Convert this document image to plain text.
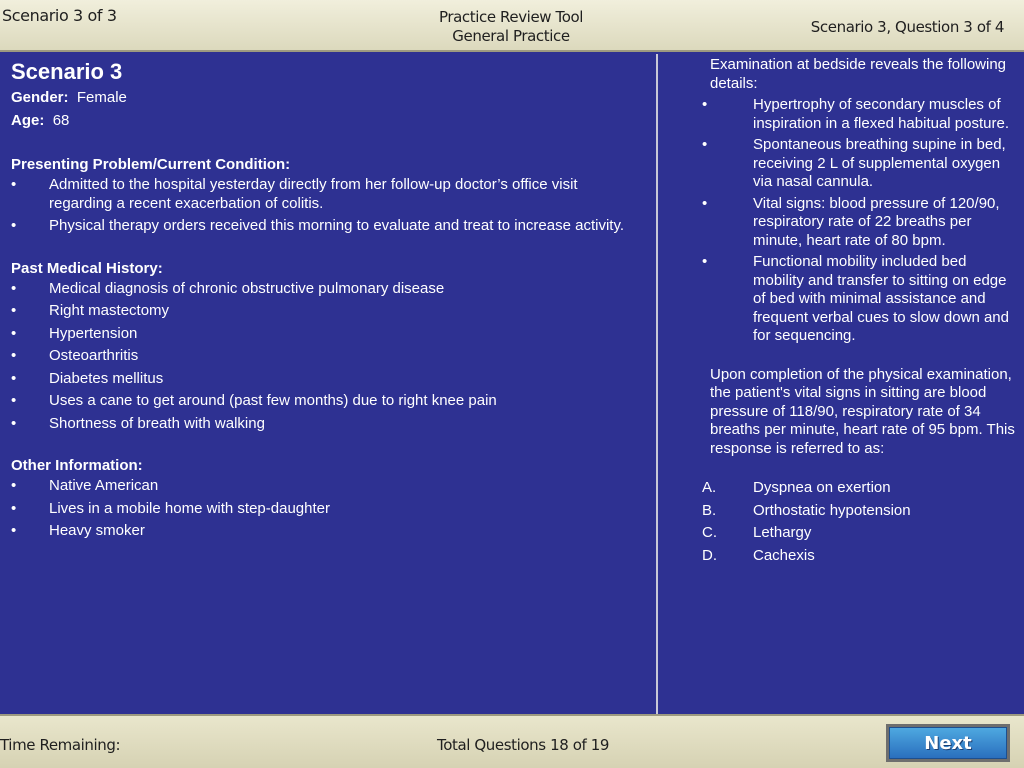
Scenario 3 of 3	Practice Review Tool
General Practice	Scenario 3, Question 3 of 4
Scenario 3
Gender: Female
Age: 68
Presenting Problem/Current Condition:
• Admitted to the hospital yesterday directly from her follow-up doctor’s office visit regarding a recent exacerbation of colitis.
• Physical therapy orders received this morning to evaluate and treat to increase activity.
Past Medical History:
• Medical diagnosis of chronic obstructive pulmonary disease
• Right mastectomy
• Hypertension
• Osteoarthritis
• Diabetes mellitus
• Uses a cane to get around (past few months) due to right knee pain
• Shortness of breath with walking
Other Information:
• Native American
• Lives in a mobile home with step-daughter
• Heavy smoker
Examination at bedside reveals the following details:
•	Hypertrophy of secondary muscles of inspiration in a flexed habitual posture.
•	Spontaneous breathing supine in bed, receiving 2 L of supplemental oxygen via nasal cannula.
•	Vital signs: blood pressure of 120/90, respiratory rate of 22 breaths per minute, heart rate of 80 bpm.
•	Functional mobility included bed mobility and transfer to sitting on edge of bed with minimal assistance and frequent verbal cues to slow down and for sequencing.
Upon completion of the physical examination, the patient's vital signs in sitting are blood pressure of 118/90, respiratory rate of 34 breaths per minute, heart rate of 95 bpm. This response is referred to as:
A. Dyspnea on exertion
B. Orthostatic hypotension
C. Lethargy
D. Cachexis
Time Remaining:	Total Questions 18 of 19	Next
